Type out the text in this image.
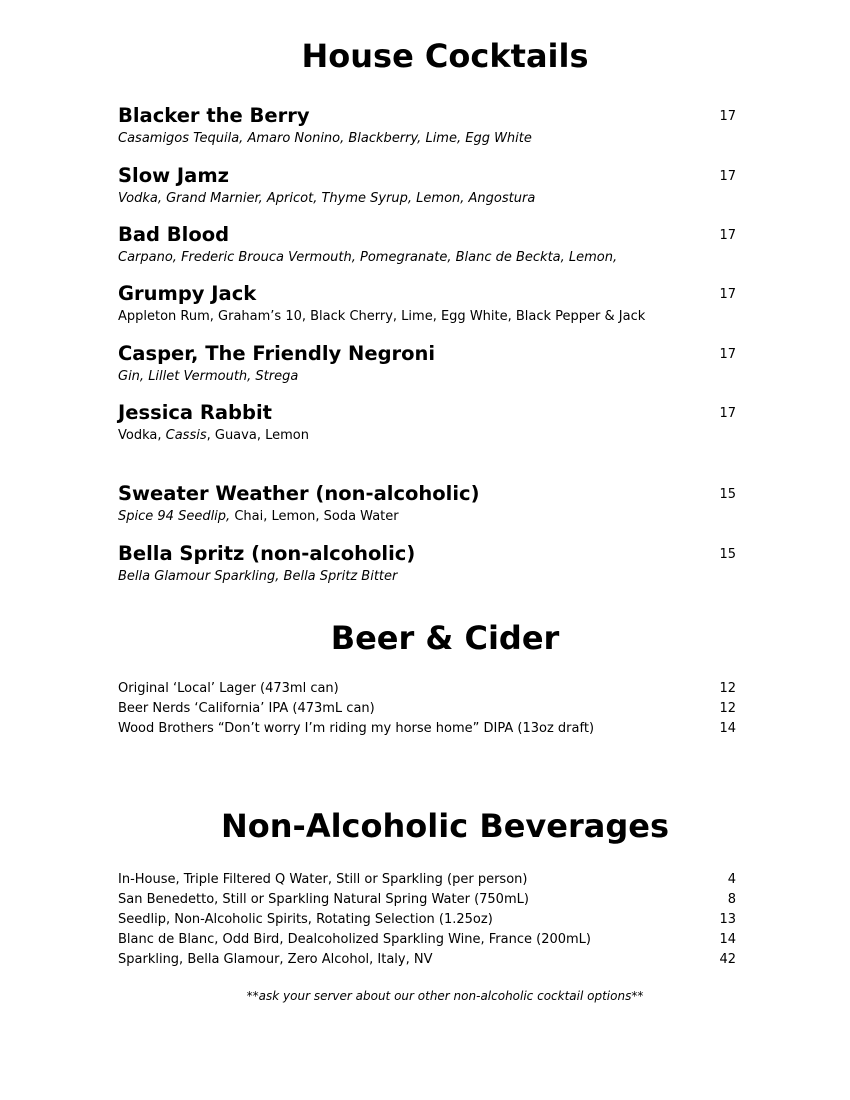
House Cocktails
Blacker the Berry	17
Casamigos Tequila, Amaro Nonino, Blackberry, Lime, Egg White
Slow Jamz	17
Vodka, Grand Marnier, Apricot, Thyme Syrup, Lemon, Angostura
Bad Blood	17
Carpano, Frederic Brouca Vermouth, Pomegranate, Blanc de Beckta, Lemon,
Grumpy Jack	17
Appleton Rum, Graham’s 10, Black Cherry, Lime, Egg White, Black Pepper & Jack
Casper, The Friendly Negroni	17
Gin, Lillet Vermouth, Strega
Jessica Rabbit	17
Vodka, Cassis, Guava, Lemon
Sweater Weather (non-alcoholic)	15
Spice 94 Seedlip, Chai, Lemon, Soda Water
Bella Spritz (non-alcoholic)	15
Bella Glamour Sparkling, Bella Spritz Bitter
Beer & Cider
Original ‘Local’ Lager (473ml can)	12
Beer Nerds ‘California’ IPA (473mL can)	12
Wood Brothers “Don’t worry I’m riding my horse home” DIPA (13oz draft)	14
Non-Alcoholic Beverages
In-House, Triple Filtered Q Water, Still or Sparkling (per person)	4
San Benedetto, Still or Sparkling Natural Spring Water (750mL)	8
Seedlip, Non-Alcoholic Spirits, Rotating Selection (1.25oz)	13
Blanc de Blanc, Odd Bird, Dealcoholized Sparkling Wine, France (200mL)	14
Sparkling, Bella Glamour, Zero Alcohol, Italy, NV	42
**ask your server about our other non-alcoholic cocktail options**
